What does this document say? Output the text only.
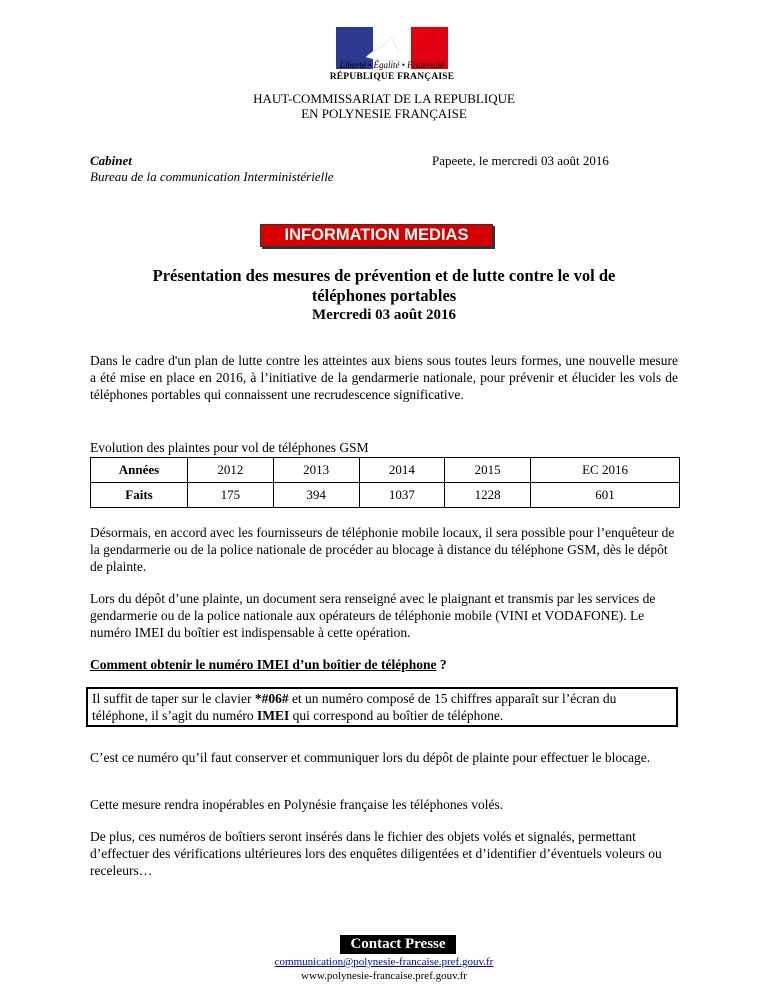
Liberté • Égalité • Fraternité
RÉPUBLIQUE FRANÇAISE
HAUT-COMMISSARIAT DE LA REPUBLIQUE
EN POLYNESIE FRANÇAISE
Cabinet
Bureau de la communication Interministérielle
Papeete, le mercredi 03 août 2016
INFORMATION MEDIAS
Présentation des mesures de prévention et de lutte contre le vol de
téléphones portables
Mercredi 03 août 2016
Dans le cadre d'un plan de lutte contre les atteintes aux biens sous toutes leurs formes, une nouvelle mesure a été mise en place en 2016, à l’initiative de la gendarmerie nationale, pour prévenir et élucider les vols de téléphones portables qui connaissent une recrudescence significative.
Evolution des plaintes pour vol de téléphones GSM
Années	2012	2013	2014	2015	EC 2016
Faits	175	394	1037	1228	601
Désormais, en accord avec les fournisseurs de téléphonie mobile locaux, il sera possible pour l’enquêteur de la gendarmerie ou de la police nationale de procéder au blocage à distance du téléphone GSM, dès le dépôt de plainte.
Lors du dépôt d’une plainte, un document sera renseigné avec le plaignant et transmis par les services de gendarmerie ou de la police nationale aux opérateurs de téléphonie mobile (VINI et VODAFONE). Le numéro IMEI du boîtier est indispensable à cette opération.
Comment obtenir le numéro IMEI d’un boîtier de téléphone ?
Il suffit de taper sur le clavier *#06# et un numéro composé de 15 chiffres apparaît sur l’écran du téléphone, il s’agit du numéro IMEI qui correspond au boîtier de téléphone.
C’est ce numéro qu’il faut conserver et communiquer lors du dépôt de plainte pour effectuer le blocage.
Cette mesure rendra inopérables en Polynésie française les téléphones volés.
De plus, ces numéros de boîtiers seront insérés dans le fichier des objets volés et signalés, permettant d’effectuer des vérifications ultérieures lors des enquêtes diligentées et d’identifier d’éventuels voleurs ou receleurs…
Contact Presse
communication@polynesie-francaise.pref.gouv.fr
www.polynesie-francaise.pref.gouv.fr
